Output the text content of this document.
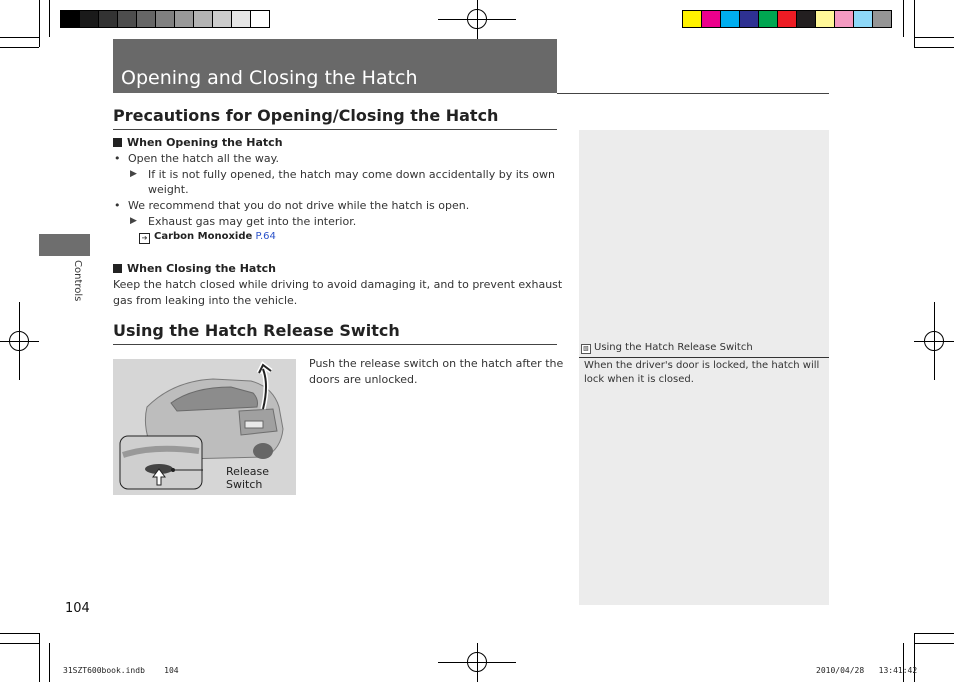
Opening and Closing the Hatch
Controls
Precautions for Opening/Closing the Hatch
When Opening the Hatch
• Open the hatch all the way.
▶ If it is not fully opened, the hatch may come down accidentally by its own
weight.
• We recommend that you do not drive while the hatch is open.
▶ Exhaust gas may get into the interior.
➔ Carbon Monoxide P.64
When Closing the Hatch
Keep the hatch closed while driving to avoid damaging it, and to prevent exhaust
gas from leaking into the vehicle.
Using the Hatch Release Switch
Release
Switch
Push the release switch on the hatch after the
doors are unlocked.
▧ Using the Hatch Release Switch
When the driver's door is locked, the hatch will
lock when it is closed.
104
31SZT600book.indb 104	2010/04/28 13:41:42
